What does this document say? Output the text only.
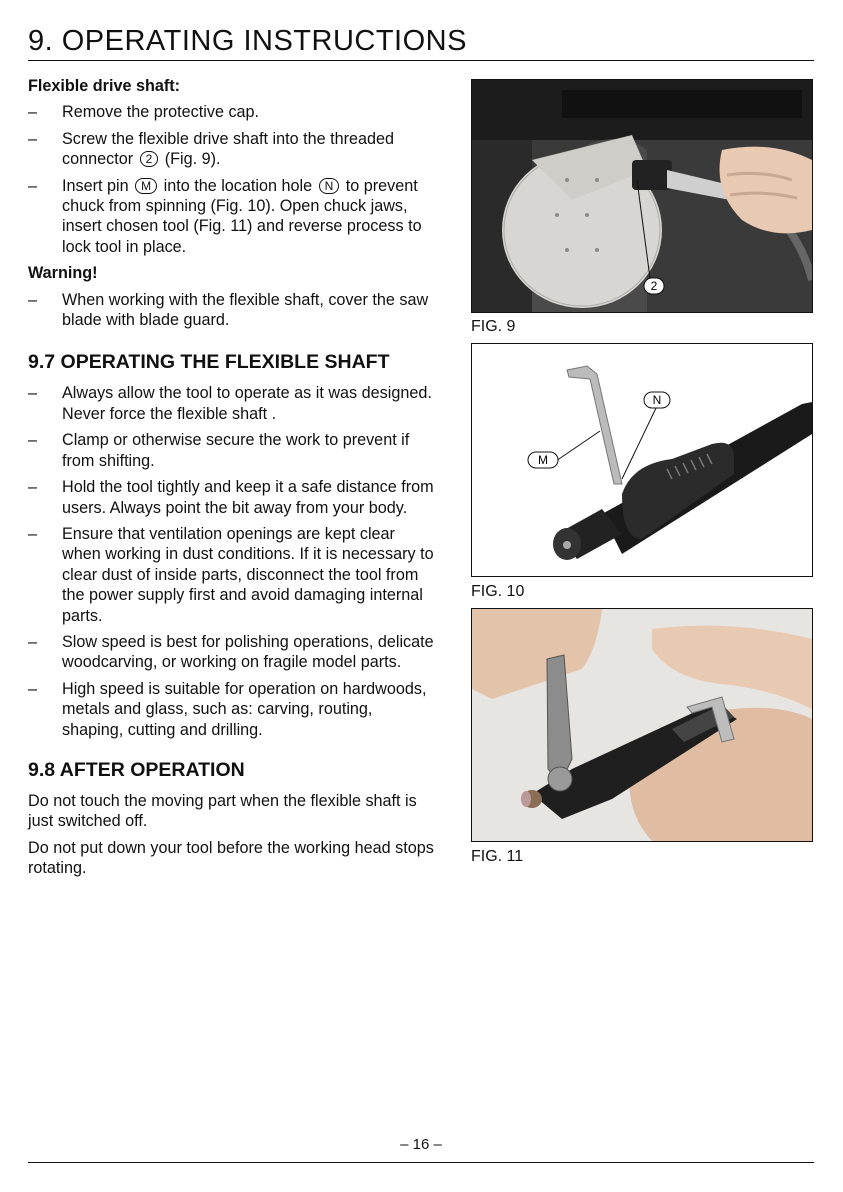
9. OPERATING INSTRUCTIONS
Flexible drive shaft:
– Remove the protective cap.
– Screw the flexible drive shaft into the threaded connector 2 (Fig. 9).
– Insert pin M into the location hole N to prevent chuck from spinning (Fig. 10). Open chuck jaws, insert chosen tool (Fig. 11) and reverse process to lock tool in place.
Warning!
– When working with the flexible shaft, cover the saw blade with blade guard.
9.7 OPERATING THE FLEXIBLE SHAFT
– Always allow the tool to operate as it was designed. Never force the flexible shaft .
– Clamp or otherwise secure the work to prevent if from shifting.
– Hold the tool tightly and keep it a safe distance from users. Always point the bit away from your body.
– Ensure that ventilation openings are kept clear when working in dust conditions. If it is necessary to clear dust of inside parts, disconnect the tool from the power supply first and avoid damaging internal parts.
– Slow speed is best for polishing operations, delicate woodcarving, or working on fragile model parts.
– High speed is suitable for operation on hardwoods, metals and glass, such as: carving, routing, shaping, cutting and drilling.
9.8 AFTER OPERATION

Do not touch the moving part when the flexible shaft is just switched off.

Do not put down your tool before the working head stops rotating.

2
FIG. 9
M
N
FIG. 10
FIG. 11
– 16 –
